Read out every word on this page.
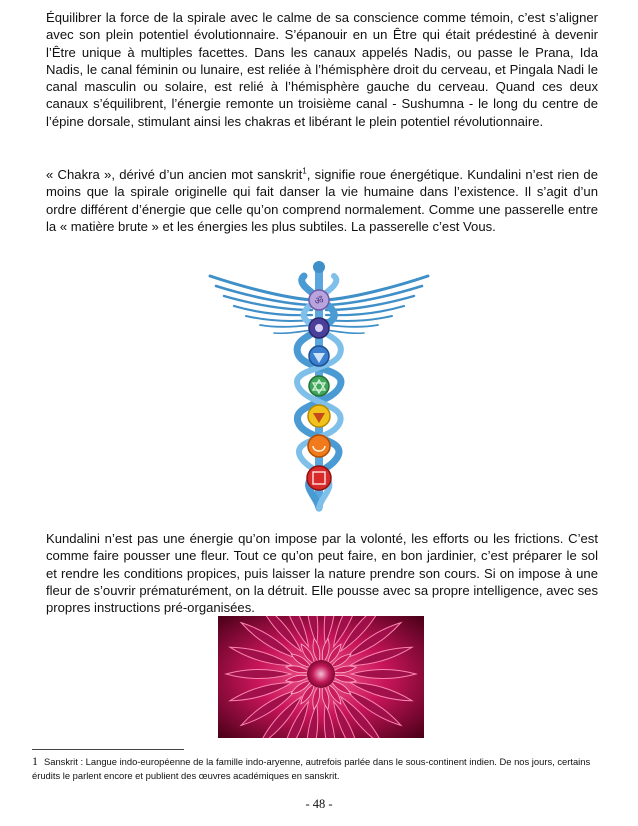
Équilibrer la force de la spirale avec le calme de sa conscience comme témoin, c’est s’aligner avec son plein potentiel évolutionnaire. S’épanouir en un Être qui était prédestiné à devenir l’Être unique à multiples facettes. Dans les canaux appelés Nadis, ou passe le Prana, Ida Nadis, le canal féminin ou lunaire, est reliée à l’hémisphère droit du cerveau, et Pingala Nadi le canal masculin ou solaire, est relié à l’hémisphère gauche du cerveau. Quand ces deux canaux s’équilibrent, l’énergie remonte un troisième canal - Sushumna - le long du centre de l’épine dorsale, stimulant ainsi les chakras et libérant le plein potentiel révolutionnaire.

« Chakra », dérivé d’un ancien mot sanskrit$^1$, signifie roue énergétique. Kundalini n’est rien de moins que la spirale originelle qui fait danser la vie humaine dans l’existence. Il s’agit d’un ordre différent d’énergie que celle qu’on comprend normalement. Comme une passerelle entre la « matière brute » et les énergies les plus subtiles. La passerelle c’est Vous.

ॐ

Kundalini n’est pas une énergie qu’on impose par la volonté, les efforts ou les frictions. C’est comme faire pousser une fleur. Tout ce qu’on peut faire, en bon jardinier, c’est préparer le sol et rendre les conditions propices, puis laisser la nature prendre son cours. Si on impose à une fleur de s’ouvrir prématurément, on la détruit. Elle pousse avec sa propre intelligence, avec ses propres instructions pré-organisées.

1 Sanskrit : Langue indo-européenne de la famille indo-aryenne, autrefois parlée dans le sous-continent indien. De nos jours, certains érudits le parlent encore et publient des œuvres académiques en sanskrit.

- 48 -
